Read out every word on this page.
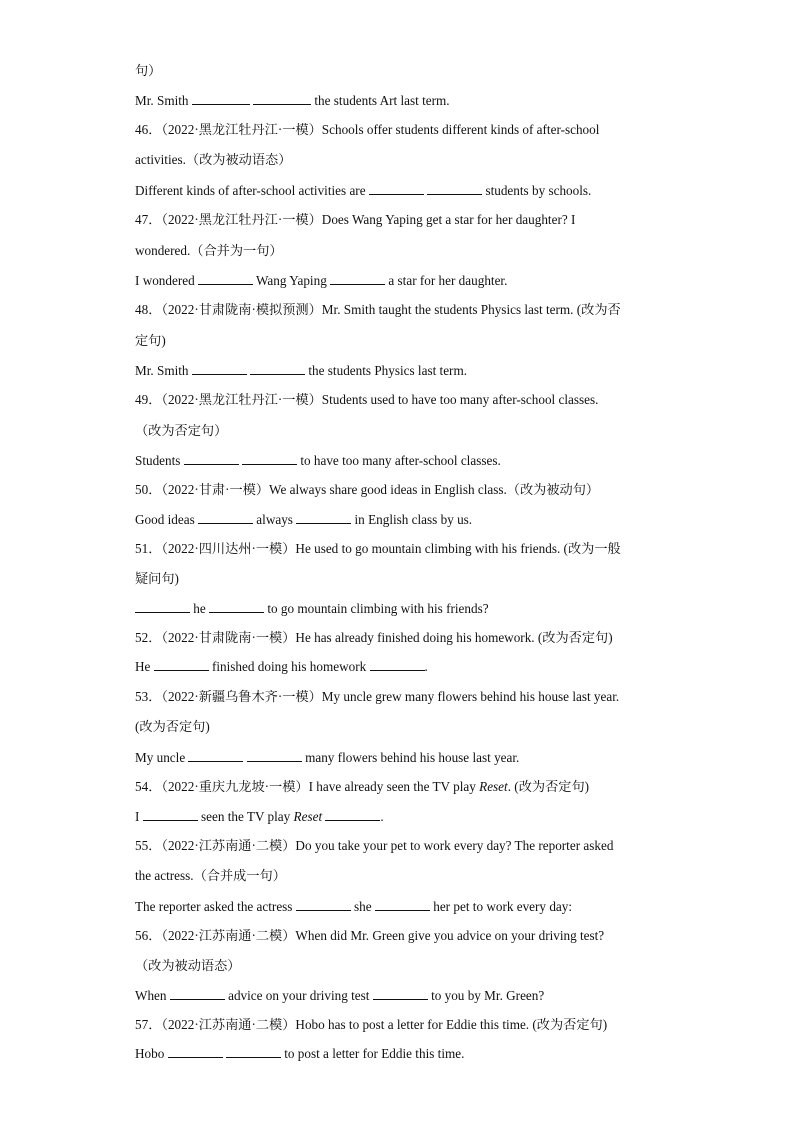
句）
Mr. Smith	the students Art last term.
46．（2022·黑龙江牡丹江·一模）Schools offer students different kinds of after-school
activities.（改为被动语态）
Different kinds of after-school activities are	students by schools.
47．（2022·黑龙江牡丹江·一模）Does Wang Yaping get a star for her daughter? I
wondered.（合并为一句）
I wondered	Wang Yaping	a star for her daughter.
48．（2022·甘肃陇南·模拟预测）Mr. Smith taught the students Physics last term. (改为否
定句)
Mr. Smith	the students Physics last term.
49．（2022·黑龙江牡丹江·一模）Students used to have too many after-school classes.
（改为否定句）
Students	to have too many after-school classes.
50．（2022·甘肃·一模）We always share good ideas in English class.（改为被动句）
Good ideas	always	in English class by us.
51．（2022·四川达州·一模）He used to go mountain climbing with his friends. (改为一般
疑问句)
he	to go mountain climbing with his friends?
52．（2022·甘肃陇南·一模）He has already finished doing his homework. (改为否定句)
He	finished doing his homework	.
53．（2022·新疆乌鲁木齐·一模）My uncle grew many flowers behind his house last year.
(改为否定句)
My uncle	many flowers behind his house last year.
54．（2022·重庆九龙坡·一模）I have already seen the TV play Reset. (改为否定句)
I	seen the TV play Reset	.
55．（2022·江苏南通·二模）Do you take your pet to work every day? The reporter asked
the actress.（合并成一句）
The reporter asked the actress	she	her pet to work every day:
56．（2022·江苏南通·二模）When did Mr. Green give you advice on your driving test?
（改为被动语态）
When	advice on your driving test	to you by Mr. Green?
57．（2022·江苏南通·二模）Hobo has to post a letter for Eddie this time. (改为否定句)
Hobo	to post a letter for Eddie this time.
